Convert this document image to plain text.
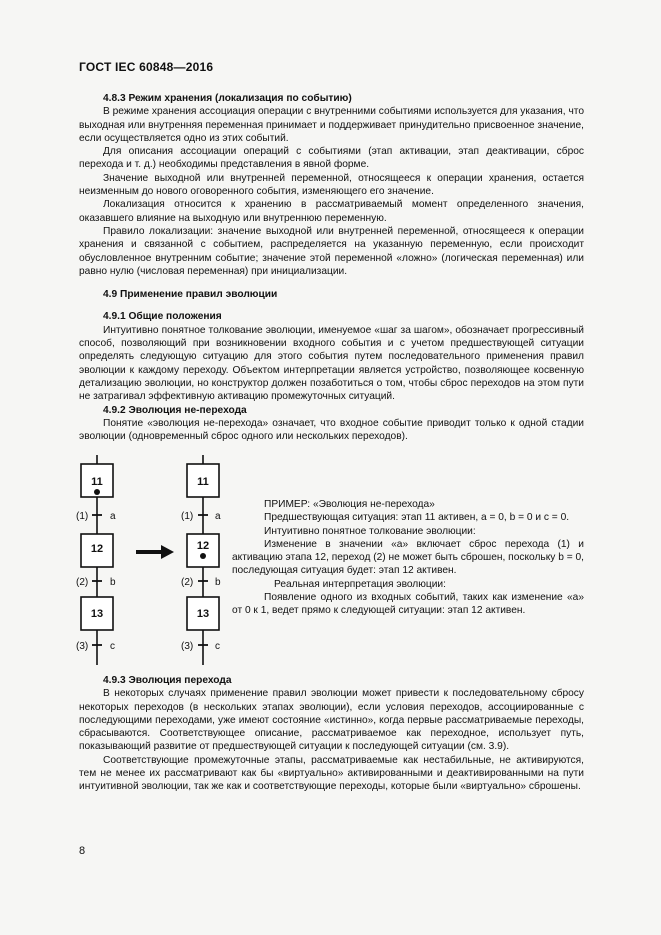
ГОСТ IEC 60848—2016
4.8.3 Режим хранения (локализация по событию)

В режиме хранения ассоциация операции с внутренними событиями используется для указания, что выходная или внутренняя переменная принимает и поддерживает принудительно присвоенное значение, если осуществляется одно из этих событий.

Для описания ассоциации операций с событиями (этап активации, этап деактивации, сброс перехода и т. д.) необходимы представления в явной форме.

Значение выходной или внутренней переменной, относящееся к операции хранения, остается неизменным до нового оговоренного события, изменяющего его значение.

Локализация относится к хранению в рассматриваемый момент определенного значения, оказавшего влияние на выходную или внутреннюю переменную.

Правило локализации: значение выходной или внутренней переменной, относящееся к операции хранения и связанной с событием, распределяется на указанную переменную, если происходит обусловленное внутренним событие; значение этой переменной «ложно» (логическая переменная) или равно нулю (числовая переменная) при инициализации.

4.9 Применение правил эволюции
4.9.1 Общие положения

Интуитивно понятное толкование эволюции, именуемое «шаг за шагом», обозначает прогрессивный способ, позволяющий при возникновении входного события и с учетом предшествующей ситуации определять следующую ситуацию для этого события путем последовательного применения правил эволюции к каждому переходу. Объектом интерпретации является устройство, позволяющее косвенную детализацию эволюции, но конструктор должен позаботиться о том, чтобы сброс переходов на этом пути не затрагивал эффективную активацию промежуточных ситуаций.

4.9.2 Эволюция не-перехода

Понятие «эволюция не-перехода» означает, что входное событие приводит только к одной стадии эволюции (одновременный сброс одного или нескольких переходов).

11
12
13
11
12
13
(1) a
(2) b
(3) c
(1) a
(2) b
(3) c

ПРИМЕР: «Эволюция не-перехода»

Предшествующая ситуация: этап 11 активен, a = 0, b = 0 и c = 0.

Интуитивно понятное толкование эволюции:

Изменение в значении «a» включает сброс перехода (1) и активацию этапа 12, переход (2) не может быть сброшен, поскольку b = 0, последующая ситуация будет: этап 12 активен.

Реальная интерпретация эволюции:

Появление одного из входных событий, таких как изменение «а» от 0 к 1, ведет прямо к следующей ситуации: этап 12 активен.

4.9.3 Эволюция перехода

В некоторых случаях применение правил эволюции может привести к последовательному сбросу некоторых переходов (в нескольких этапах эволюции), если условия переходов, ассоциированные с последующими переходами, уже имеют состояние «истинно», когда первые рассматриваемые переходы, сбрасываются. Соответствующее описание, рассматриваемое как переходное, использует путь, показывающий развитие от предшествующей ситуации к последующей ситуации (см. 3.9).

Соответствующие промежуточные этапы, рассматриваемые как нестабильные, не активируются, тем не менее их рассматривают как бы «виртуально» активированными и деактивированными на пути интуитивной эволюции, так же как и соответствующие переходы, которые были «виртуально» сброшены.

8
